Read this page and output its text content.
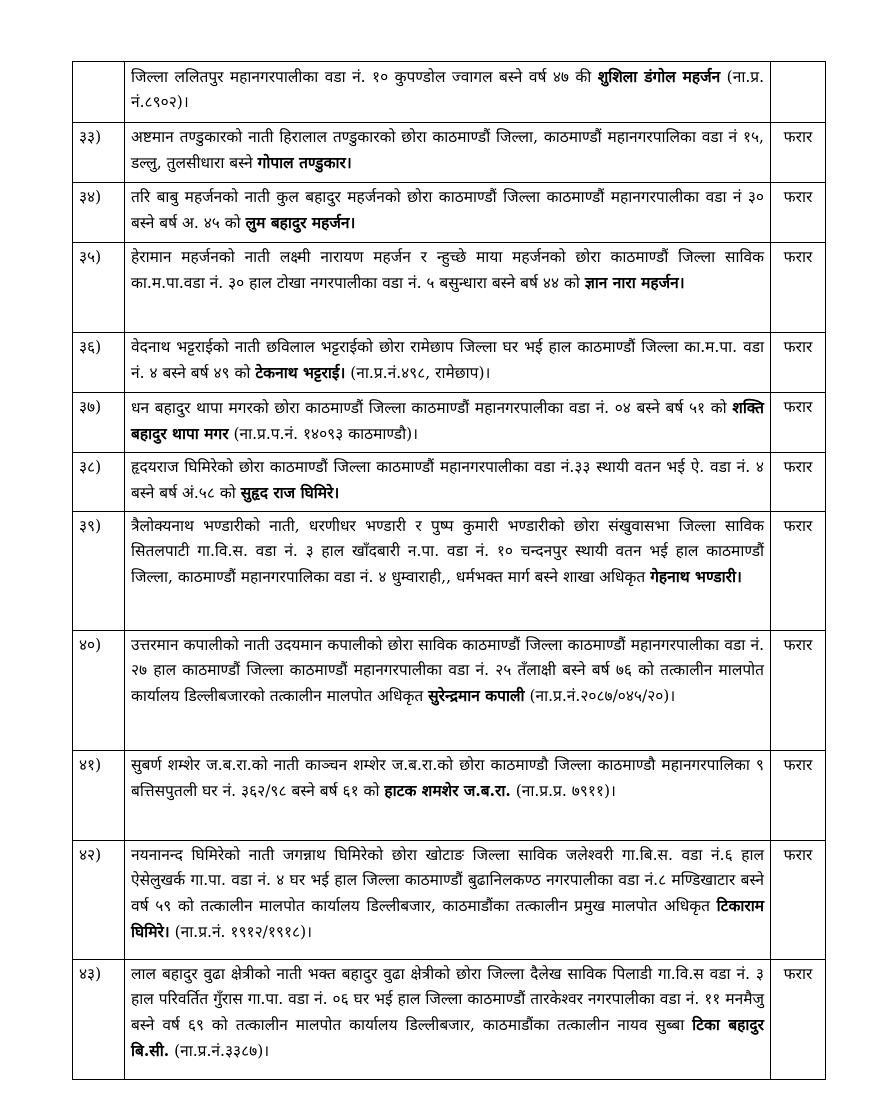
	जिल्ला ललितपुर महानगरपालीका वडा नं. १० कुपण्डोल ज्वागल बस्ने वर्ष ४७ की शुशिला डंगोल महर्जन (ना.प्र. नं.८९०२)।	
३३)	अष्टमान तण्डुकारको नाती हिरालाल तण्डुकारको छोरा काठमाण्डौं जिल्ला, काठमाण्डौं महानगरपालिका वडा नं १५, डल्लु, तुलसीधारा बस्ने गोपाल तण्डुकार।	फरार
३४)	तरि बाबु महर्जनको नाती कुल बहादुर महर्जनको छोरा काठमाण्डौं जिल्ला काठमाण्डौं महानगरपालीका वडा नं ३० बस्ने बर्ष अ. ४५ को लुम बहादुर महर्जन।	फरार
३५)	हेरामान महर्जनको नाती लक्ष्मी नारायण महर्जन र न्हुच्छे माया महर्जनको छोरा काठमाण्डौं जिल्ला साविक का.म.पा.वडा नं. ३० हाल टोखा नगरपालीका वडा नं. ५ बसुन्धारा बस्ने बर्ष ४४ को ज्ञान नारा महर्जन।	फरार
३६)	वेदनाथ भट्टराईको नाती छविलाल भट्टराईको छोरा रामेछाप जिल्ला घर भई हाल काठमाण्डौं जिल्ला का.म.पा. वडा नं. ४ बस्ने बर्ष ४९ को टेकनाथ भट्टराई। (ना.प्र.नं.४९८, रामेछाप)।	फरार
३७)	धन बहादुर थापा मगरको छोरा काठमाण्डौं जिल्ला काठमाण्डौं महानगरपालीका वडा नं. ०४ बस्ने बर्ष ५१ को शक्ति बहादुर थापा मगर (ना.प्र.प.नं. १४०९३ काठमाण्डौ)।	फरार
३८)	हृदयराज घिमिरेको छोरा काठमाण्डौं जिल्ला काठमाण्डौं महानगरपालीका वडा नं.३३ स्थायी वतन भई ऐ. वडा नं. ४ बस्ने बर्ष अं.५८ को सुहृद राज घिमिरे।	फरार
३९)	त्रैलोक्यनाथ भण्डारीको नाती, धरणीधर भण्डारी र पुष्प कुमारी भण्डारीको छोरा संखुवासभा जिल्ला साविक सितलपाटी गा.वि.स. वडा नं. ३ हाल खाँदबारी न.पा. वडा नं. १० चन्दनपुर स्थायी वतन भई हाल काठमाण्डौं जिल्ला, काठमाण्डौं महानगरपालिका वडा नं. ४ धुम्वाराही,, धर्मभक्त मार्ग बस्ने शाखा अधिकृत गेहनाथ भण्डारी।	फरार
४०)	उत्तरमान कपालीको नाती उदयमान कपालीको छोरा साविक काठमाण्डौं जिल्ला काठमाण्डौं महानगरपालीका वडा नं. २७ हाल काठमाण्डौं जिल्ला काठमाण्डौं महानगरपालीका वडा नं. २५ तँलाक्षी बस्ने बर्ष ७६ को तत्कालीन मालपोत कार्यालय डिल्लीबजारको तत्कालीन मालपोत अधिकृत सुरेन्द्रमान कपाली (ना.प्र.नं.२०८७/०४५/२०)।	फरार
४१)	सुबर्ण शम्शेर ज.ब.रा.को नाती काञ्चन शम्शेर ज.ब.रा.को छोरा काठमाण्डौ जिल्ला काठमाण्डौ महानगरपालिका ९ बत्तिसपुतली घर नं. ३६२/९८ बस्ने बर्ष ६१ को हाटक शमशेर ज.ब.रा. (ना.प्र.प्र. ७९११)।	फरार
४२)	नयनानन्द घिमिरेको नाती जगन्नाथ घिमिरेको छोरा खोटाङ जिल्ला साविक जलेश्वरी गा.बि.स. वडा नं.६ हाल ऐसेलुखर्क गा.पा. वडा नं. ४ घर भई हाल जिल्ला काठमाण्डौं बुढानिलकण्ठ नगरपालीका वडा नं.८ मण्डिखाटार बस्ने वर्ष ५९ को तत्कालीन मालपोत कार्यालय डिल्लीबजार, काठमाडौंका तत्कालीन प्रमुख मालपोत अधिकृत टिकाराम घिमिरे। (ना.प्र.नं. १९१२/१९१८)।	फरार
४३)	लाल बहादुर वुढा क्षेत्रीको नाती भक्त बहादुर वुढा क्षेत्रीको छोरा जिल्ला दैलेख साविक पिलाडी गा.वि.स वडा नं. ३ हाल परिवर्तित गुँरास गा.पा. वडा नं. ०६ घर भई हाल जिल्ला काठमाण्डौं तारकेश्वर नगरपालीका वडा नं. ११ मनमैजु बस्ने वर्ष ६९ को तत्कालीन मालपोत कार्यालय डिल्लीबजार, काठमाडौंका तत्कालीन नायव सुब्बा टिका बहादुर बि.सी. (ना.प्र.नं.३३८७)।	फरार
